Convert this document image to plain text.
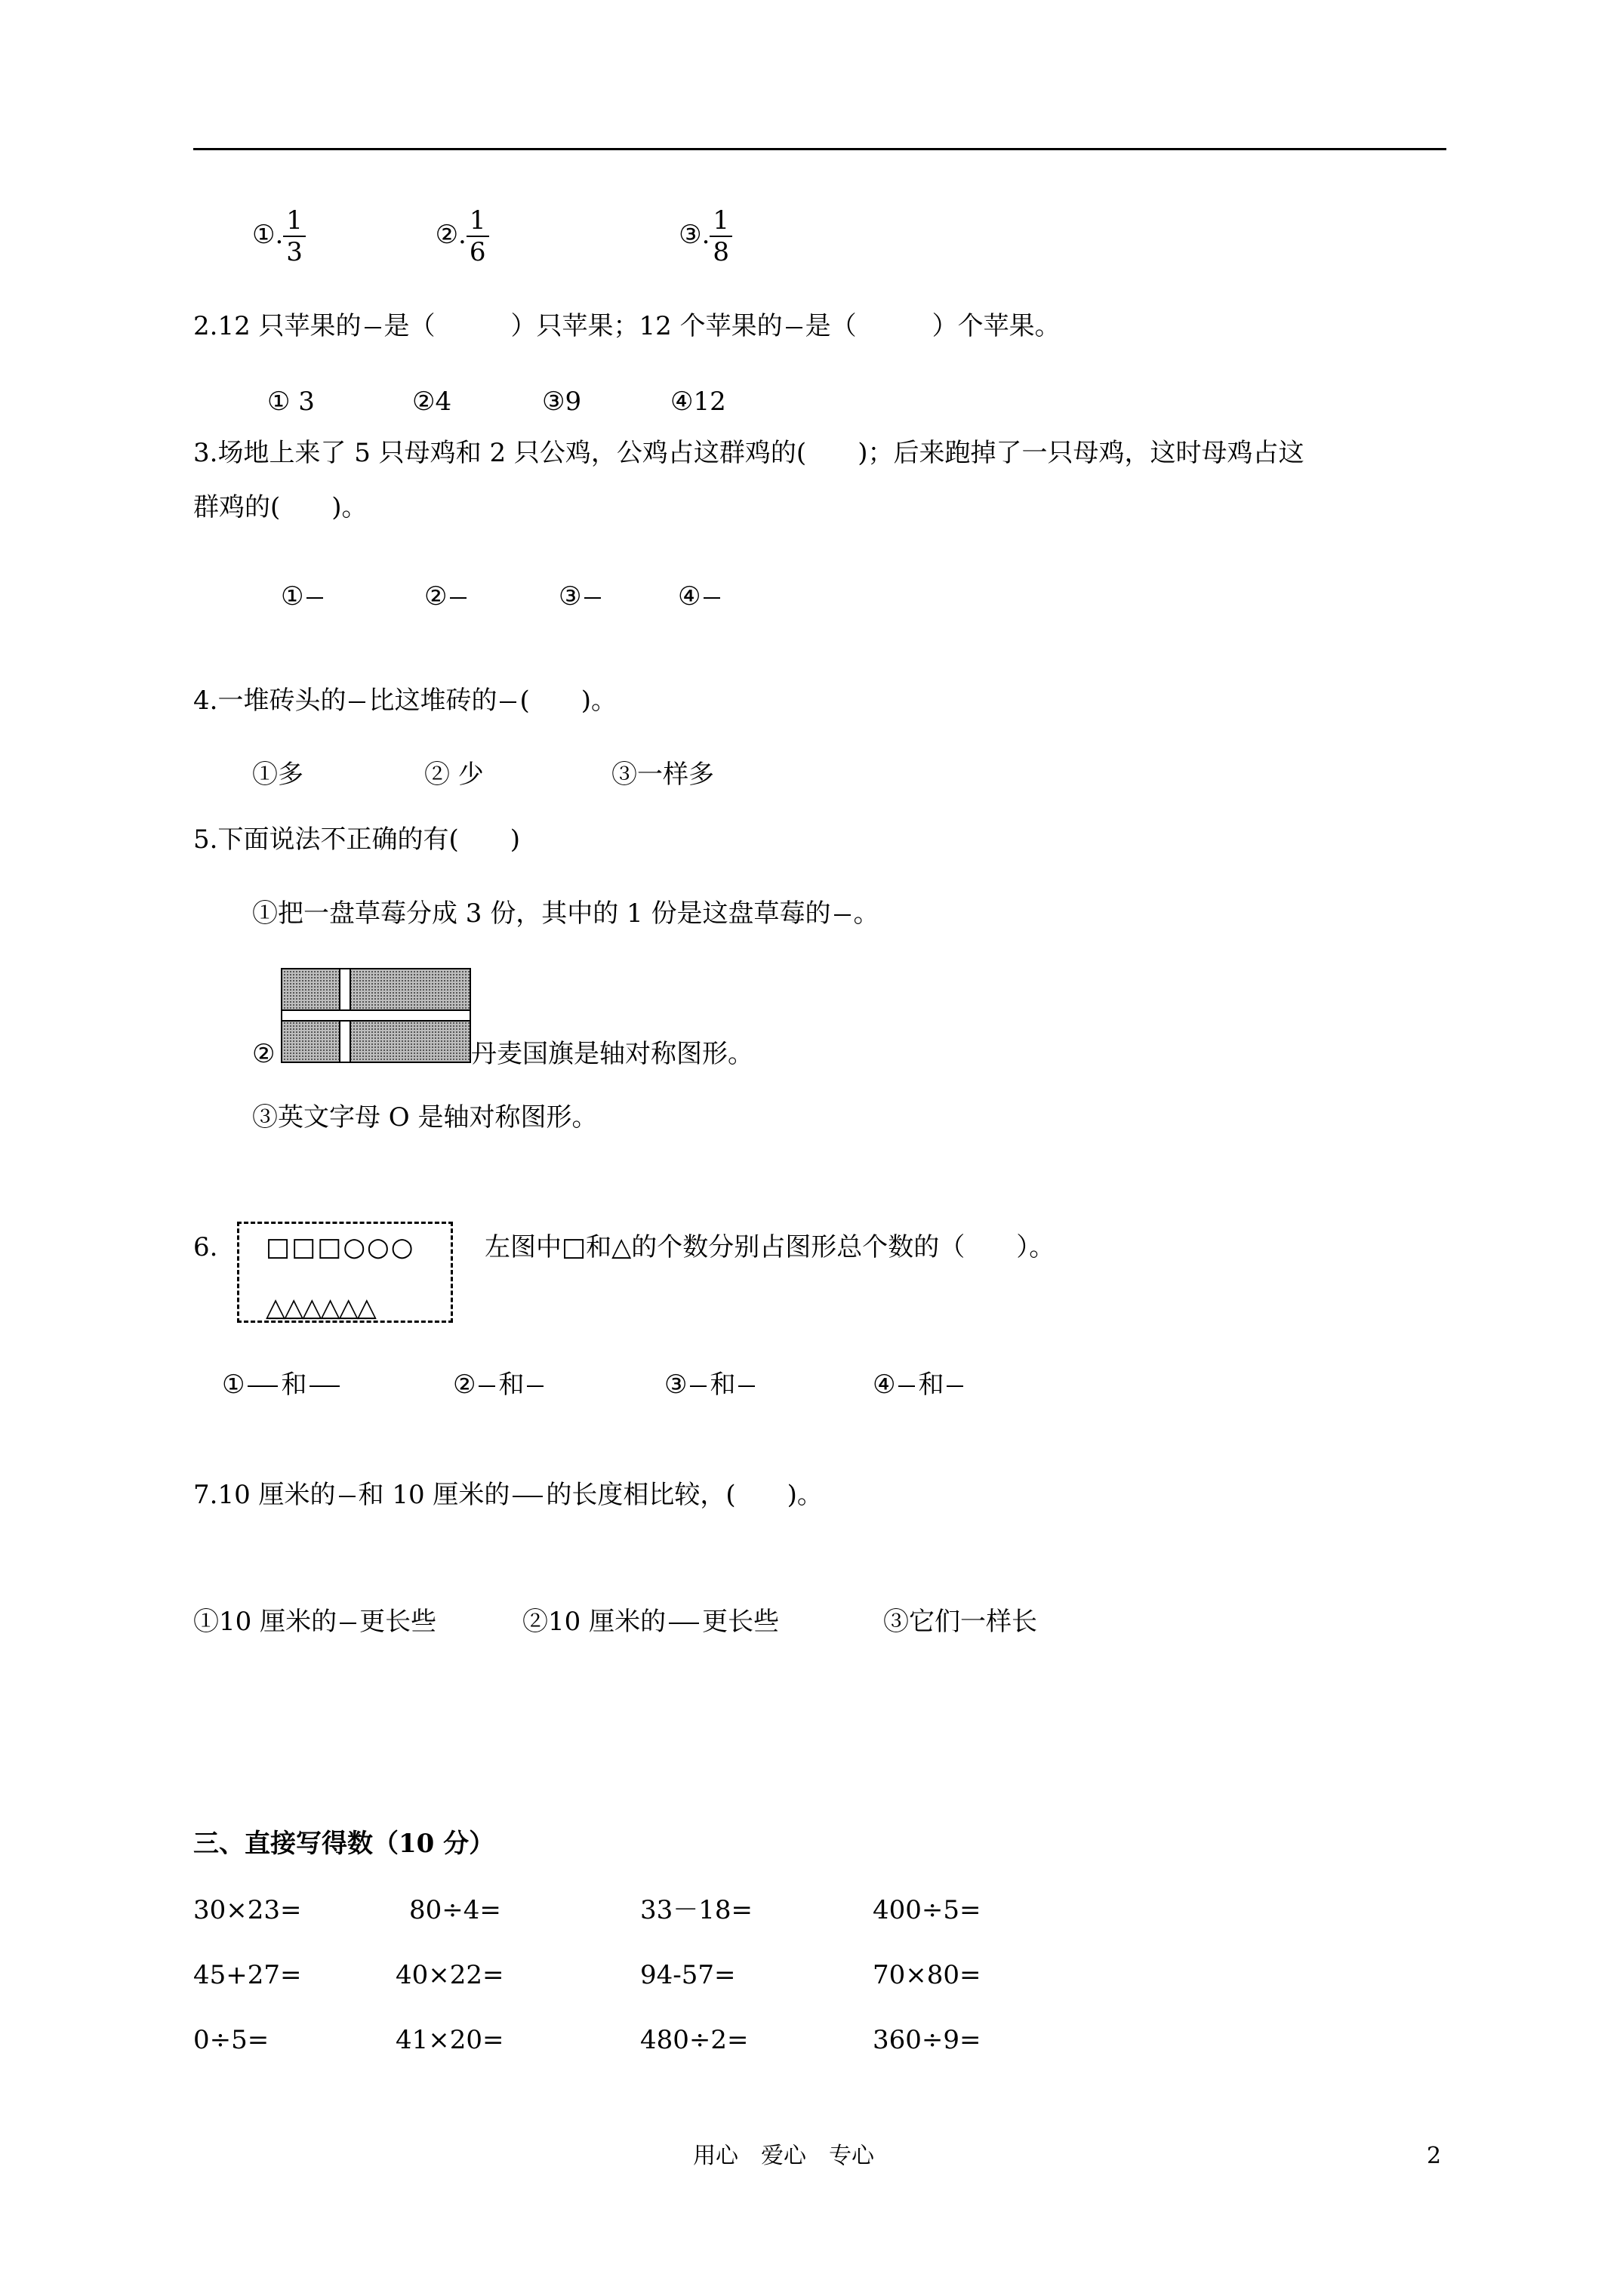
①. $\frac{1}{3}$	②. $\frac{1}{6}$	③. $\frac{1}{8}$
2.12 只苹果的 是（	）只苹果；12 个苹果的 是（	）个苹果。
① 3	②4	③9	④12
3.场地上来了 5 只母鸡和 2 只公鸡，公鸡占这群鸡的(　　)；后来跑掉了一只母鸡，这时母鸡占这
群鸡的(　　)。
①	②	③	④
4.一堆砖头的 比这堆砖的 (　　)。
①多	② 少	③一样多
5.下面说法不正确的有(　　)
①把一盘草莓分成 3 份，其中的 1 份是这盘草莓的 。
②	丹麦国旗是轴对称图形。
③英文字母 O 是轴对称图形。
6. □□□○○○
△△△△△△
左图中□和△的个数分别占图形总个数的（　　）。
① 和	② 和	③ 和	④ 和
7.10 厘米的 和 10 厘米的 的长度相比较，(　　)。
①10 厘米的 更长些	②10 厘米的 更长些	③它们一样长
三、直接写得数（10 分）
30×23=	80÷4=	33－18=	400÷5=
45+27=	40×22=	94-57=	70×80=
0÷5=	41×20=	480÷2=	360÷9=
用心　爱心　专心	2
